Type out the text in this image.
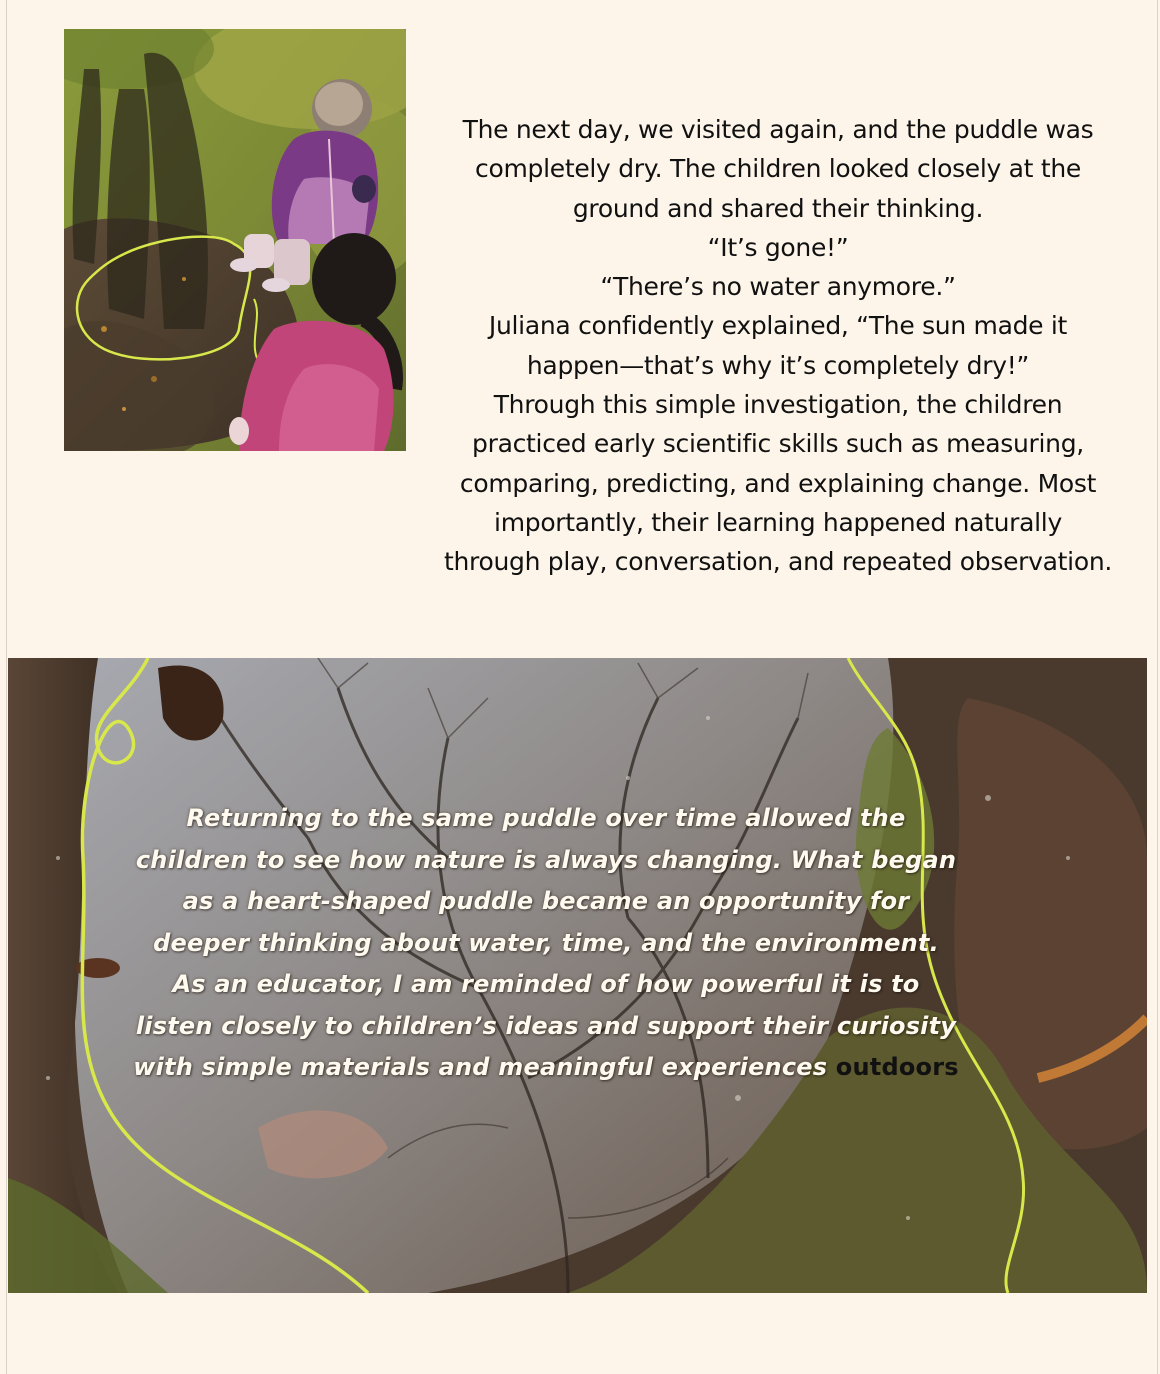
The next day, we visited again, and the puddle was
completely dry. The children looked closely at the
ground and shared their thinking.
“It’s gone!”
“There’s no water anymore.”
Juliana confidently explained, “The sun made it
happen—that’s why it’s completely dry!”
Through this simple investigation, the children
practiced early scientific skills such as measuring,
comparing, predicting, and explaining change. Most
importantly, their learning happened naturally
through play, conversation, and repeated observation.
Returning to the same puddle over time allowed the
children to see how nature is always changing. What began
as a heart-shaped puddle became an opportunity for
deeper thinking about water, time, and the environment.
As an educator, I am reminded of how powerful it is to
listen closely to children’s ideas and support their curiosity
with simple materials and meaningful experiences outdoors
